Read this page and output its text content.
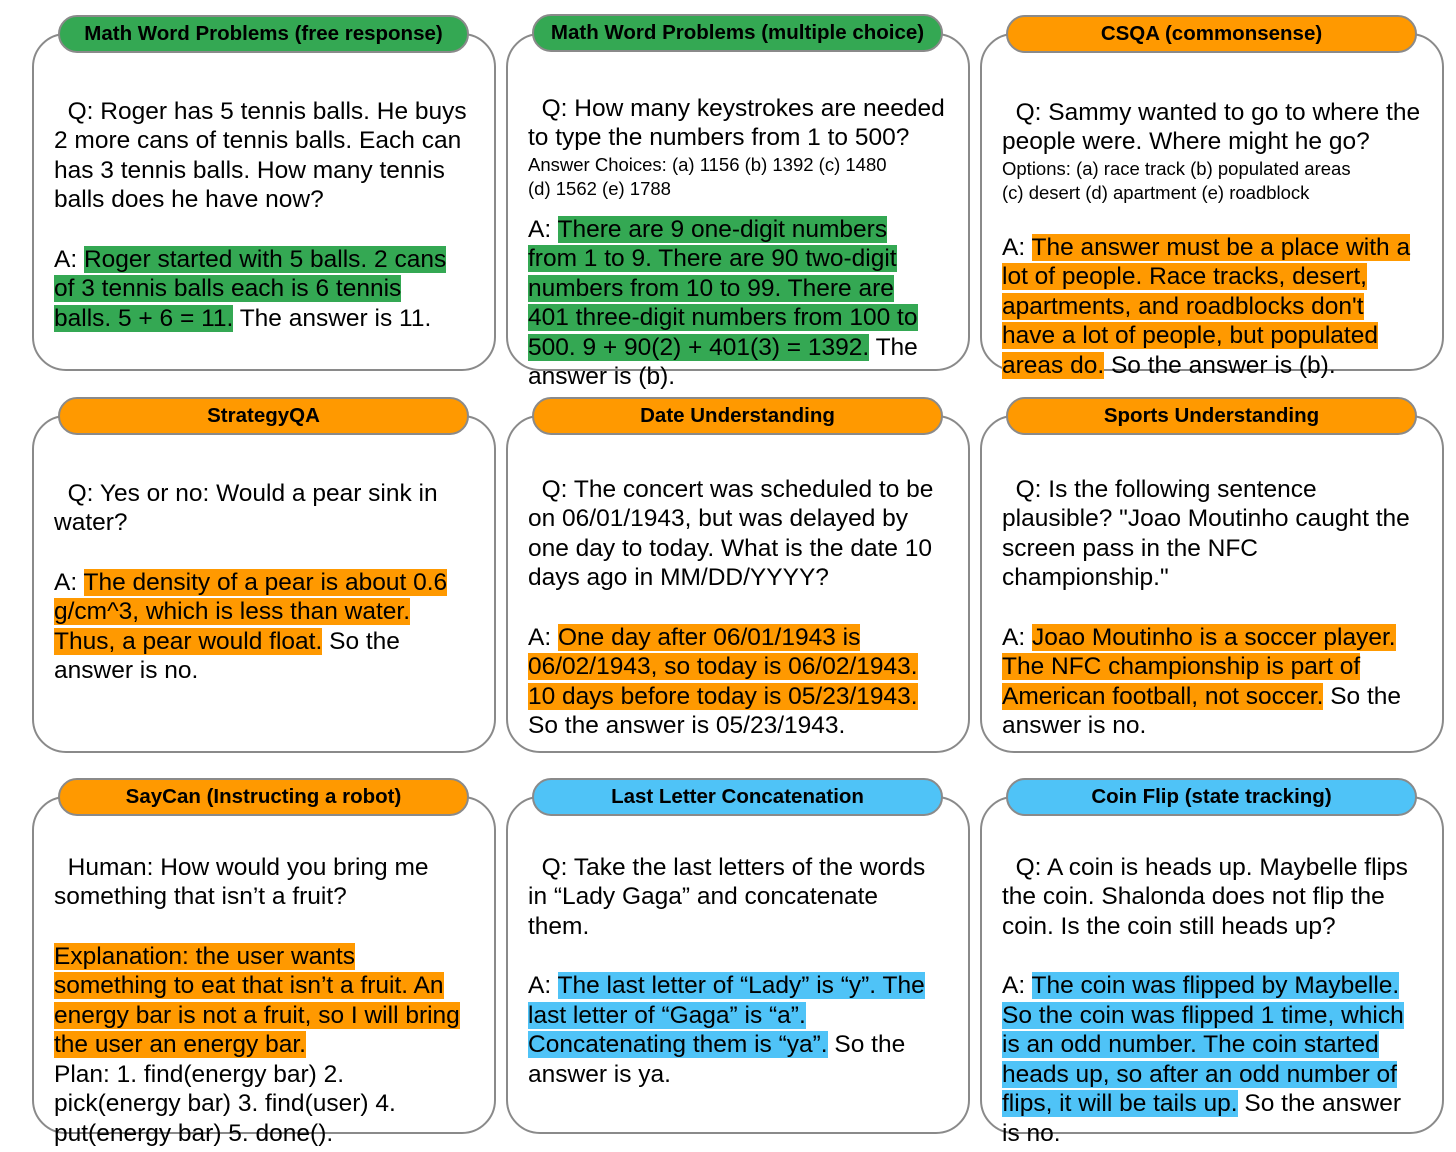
Math Word Problems (free response)

Q: Roger has 5 tennis balls. He buys
2 more cans of tennis balls. Each can
has 3 tennis balls. How many tennis
balls does he have now?
A: Roger started with 5 balls. 2 cans
of 3 tennis balls each is 6 tennis
balls. 5 + 6 = 11. The answer is 11.

Math Word Problems (multiple choice)

Q: How many keystrokes are needed
to type the numbers from 1 to 500?
Answer Choices: (a) 1156 (b) 1392 (c) 1480
(d) 1562 (e) 1788
A: There are 9 one-digit numbers
from 1 to 9. There are 90 two-digit
numbers from 10 to 99. There are
401 three-digit numbers from 100 to
500. 9 + 90(2) + 401(3) = 1392. The
answer is (b).

CSQA (commonsense)

Q: Sammy wanted to go to where the
people were. Where might he go?
Options: (a) race track (b) populated areas
(c) desert (d) apartment (e) roadblock
A: The answer must be a place with a
lot of people. Race tracks, desert,
apartments, and roadblocks don't
have a lot of people, but populated
areas do. So the answer is (b).

StrategyQA

Q: Yes or no: Would a pear sink in
water?
A: The density of a pear is about 0.6
g/cm^3, which is less than water.
Thus, a pear would float. So the
answer is no.

Date Understanding

Q: The concert was scheduled to be
on 06/01/1943, but was delayed by
one day to today. What is the date 10
days ago in MM/DD/YYYY?
A: One day after 06/01/1943 is
06/02/1943, so today is 06/02/1943.
10 days before today is 05/23/1943.
So the answer is 05/23/1943.

Sports Understanding

Q: Is the following sentence
plausible? "Joao Moutinho caught the
screen pass in the NFC
championship."
A: Joao Moutinho is a soccer player.
The NFC championship is part of
American football, not soccer. So the
answer is no.

SayCan (Instructing a robot)

Human: How would you bring me
something that isn’t a fruit?
Explanation: the user wants
something to eat that isn’t a fruit. An
energy bar is not a fruit, so I will bring
the user an energy bar.
Plan: 1. find(energy bar) 2.
pick(energy bar) 3. find(user) 4.
put(energy bar) 5. done().

Last Letter Concatenation

Q: Take the last letters of the words
in “Lady Gaga” and concatenate
them.
A: The last letter of “Lady” is “y”. The
last letter of “Gaga” is “a”.
Concatenating them is “ya”. So the
answer is ya.

Coin Flip (state tracking)

Q: A coin is heads up. Maybelle flips
the coin. Shalonda does not flip the
coin. Is the coin still heads up?
A: The coin was flipped by Maybelle.
So the coin was flipped 1 time, which
is an odd number. The coin started
heads up, so after an odd number of
flips, it will be tails up. So the answer
is no.
